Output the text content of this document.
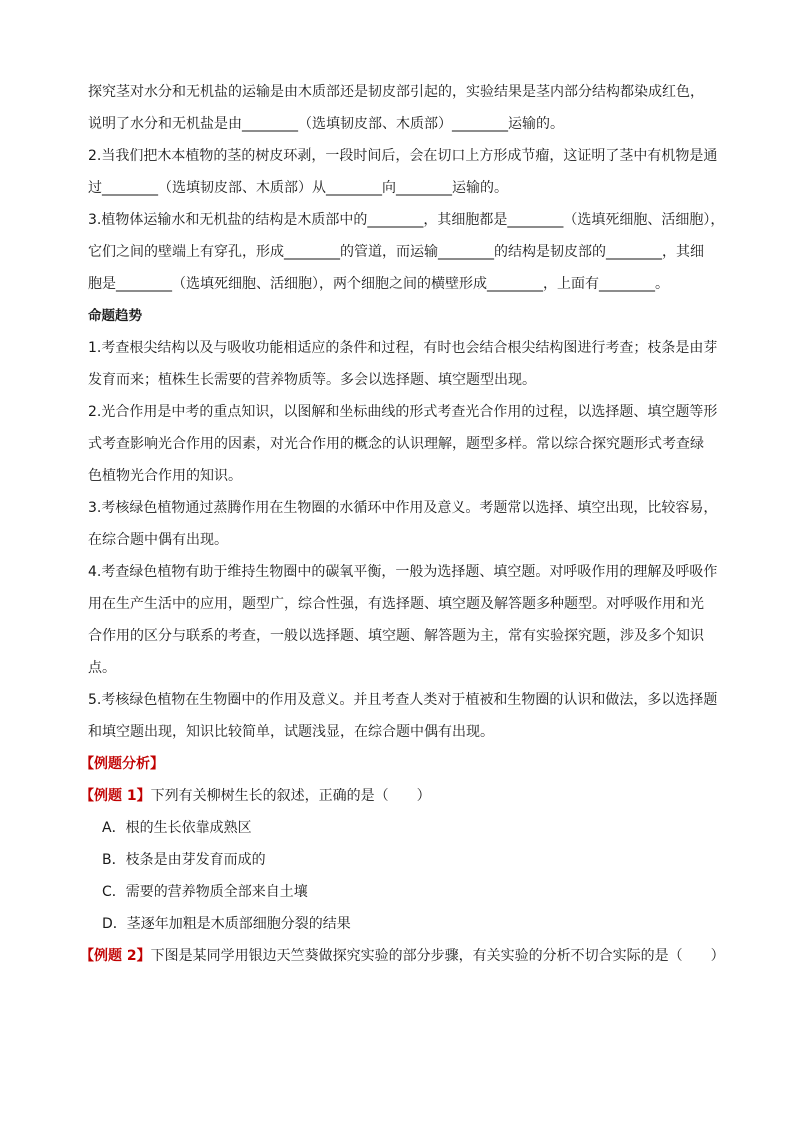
探究茎对水分和无机盐的运输是由木质部还是韧皮部引起的，实验结果是茎内部分结构都染成红色，

说明了水分和无机盐是由________（选填韧皮部、木质部）________运输的。

2.当我们把木本植物的茎的树皮环剥，一段时间后，会在切口上方形成节瘤，这证明了茎中有机物是通

过________（选填韧皮部、木质部）从________向________运输的。

3.植物体运输水和无机盐的结构是木质部中的________，其细胞都是________（选填死细胞、活细胞），

它们之间的壁端上有穿孔，形成________的管道，而运输________的结构是韧皮部的________，其细

胞是________（选填死细胞、活细胞），两个细胞之间的横壁形成________，上面有________。

命题趋势

1.考查根尖结构以及与吸收功能相适应的条件和过程，有时也会结合根尖结构图进行考查；枝条是由芽

发育而来；植株生长需要的营养物质等。多会以选择题、填空题型出现。

2.光合作用是中考的重点知识，以图解和坐标曲线的形式考查光合作用的过程，以选择题、填空题等形

式考查影响光合作用的因素，对光合作用的概念的认识理解，题型多样。常以综合探究题形式考查绿

色植物光合作用的知识。

3.考核绿色植物通过蒸腾作用在生物圈的水循环中作用及意义。考题常以选择、填空出现，比较容易，

在综合题中偶有出现。

4.考查绿色植物有助于维持生物圈中的碳氧平衡，一般为选择题、填空题。对呼吸作用的理解及呼吸作

用在生产生活中的应用，题型广，综合性强，有选择题、填空题及解答题多种题型。对呼吸作用和光

合作用的区分与联系的考查，一般以选择题、填空题、解答题为主，常有实验探究题，涉及多个知识

点。

5.考核绿色植物在生物圈中的作用及意义。并且考查人类对于植被和生物圈的认识和做法，多以选择题

和填空题出现，知识比较简单，试题浅显，在综合题中偶有出现。

【例题分析】

【例题 1】下列有关柳树生长的叙述，正确的是（　　）

A．根的生长依靠成熟区

B．枝条是由芽发育而成的

C．需要的营养物质全部来自土壤

D．茎逐年加粗是木质部细胞分裂的结果

【例题 2】下图是某同学用银边天竺葵做探究实验的部分步骤，有关实验的分析不切合实际的是（　　）
